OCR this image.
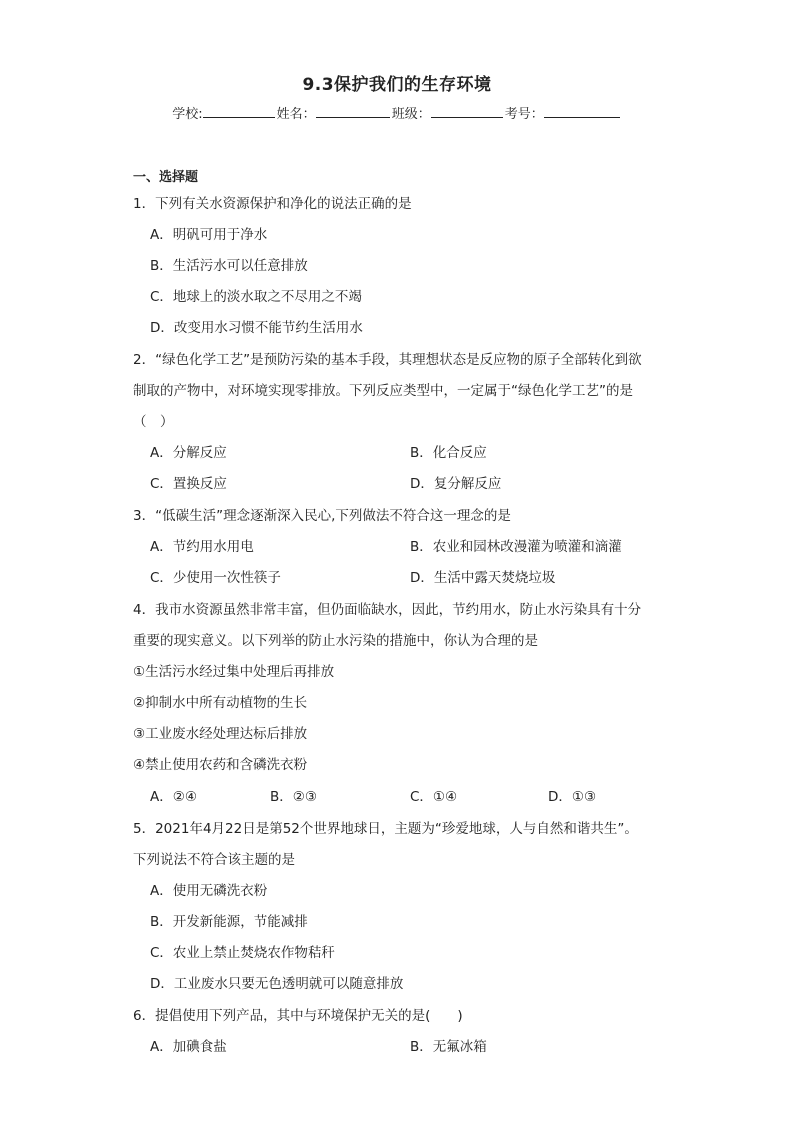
9.3保护我们的生存环境
学校:	姓名：	班级：	考号：
一、选择题
1．下列有关水资源保护和净化的说法正确的是
A．明矾可用于净水
B．生活污水可以任意排放
C．地球上的淡水取之不尽用之不竭
D．改变用水习惯不能节约生活用水
2．“绿色化学工艺”是预防污染的基本手段，其理想状态是反应物的原子全部转化到欲
制取的产物中，对环境实现零排放。下列反应类型中，一定属于“绿色化学工艺”的是
（　）
A．分解反应	B．化合反应
C．置换反应	D．复分解反应
3．“低碳生活”理念逐渐深入民心,下列做法不符合这一理念的是
A．节约用水用电	B．农业和园林改漫灌为喷灌和滴灌
C．少使用一次性筷子	D．生活中露天焚烧垃圾
4．我市水资源虽然非常丰富，但仍面临缺水，因此，节约用水，防止水污染具有十分
重要的现实意义。以下列举的防止水污染的措施中，你认为合理的是
①生活污水经过集中处理后再排放
②抑制水中所有动植物的生长
③工业废水经处理达标后排放
④禁止使用农药和含磷洗衣粉
A．②④	B．②③	C．①④	D．①③
5．2021年4月22日是第52个世界地球日，主题为“珍爱地球，人与自然和谐共生”。
下列说法不符合该主题的是
A．使用无磷洗衣粉
B．开发新能源，节能减排
C．农业上禁止焚烧农作物秸秆
D．工业废水只要无色透明就可以随意排放
6．提倡使用下列产品，其中与环境保护无关的是(　　)
A．加碘食盐	B．无氟冰箱
